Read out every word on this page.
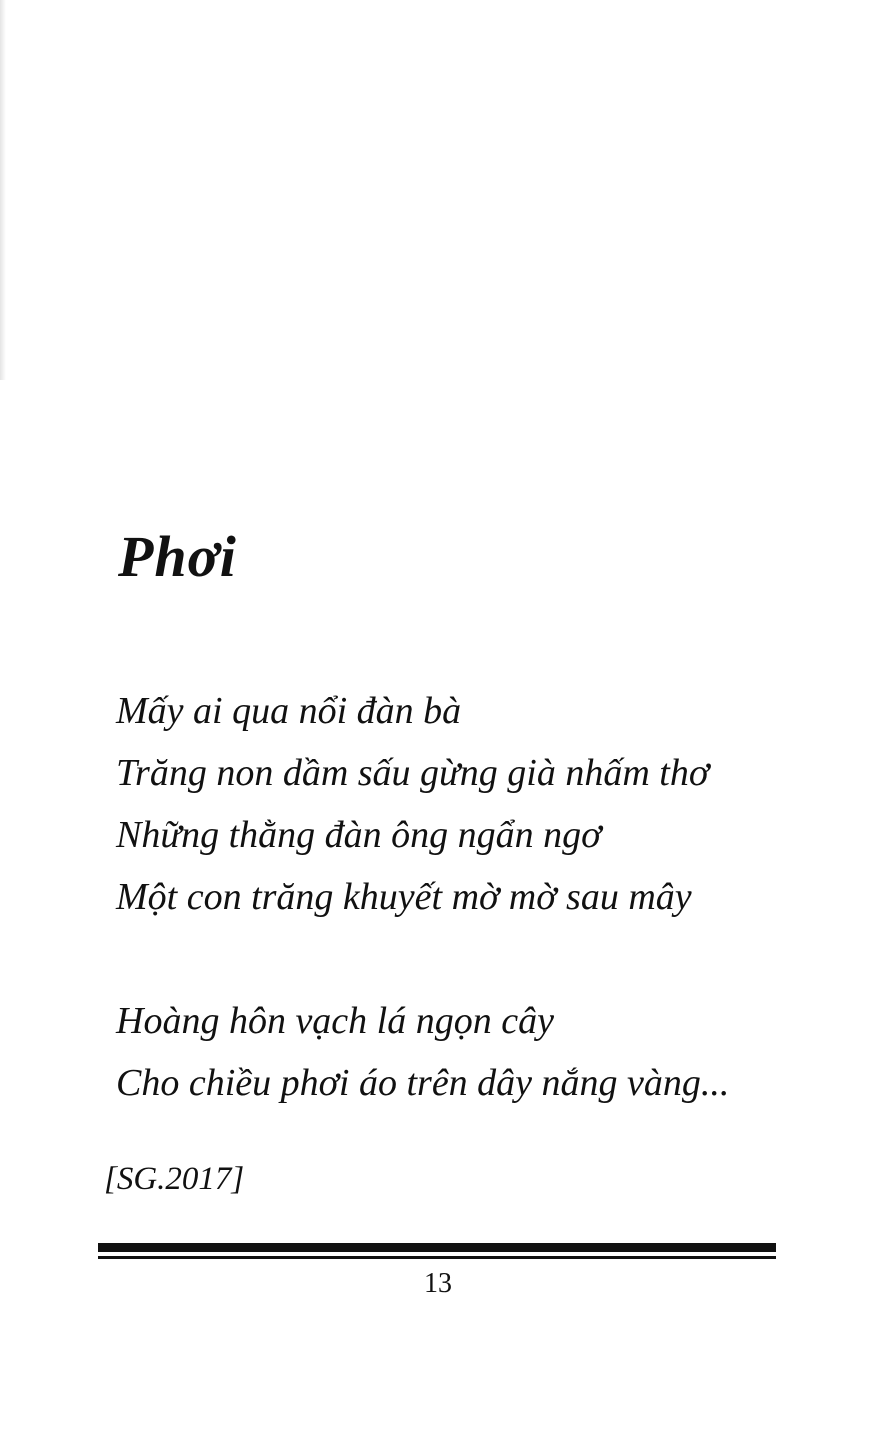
Phơi
Mấy ai qua nổi đàn bà
Trăng non dầm sấu gừng già nhấm thơ
Những thằng đàn ông ngẩn ngơ
Một con trăng khuyết mờ mờ sau mây
Hoàng hôn vạch lá ngọn cây
Cho chiều phơi áo trên dây nắng vàng...
[SG.2017]
13
